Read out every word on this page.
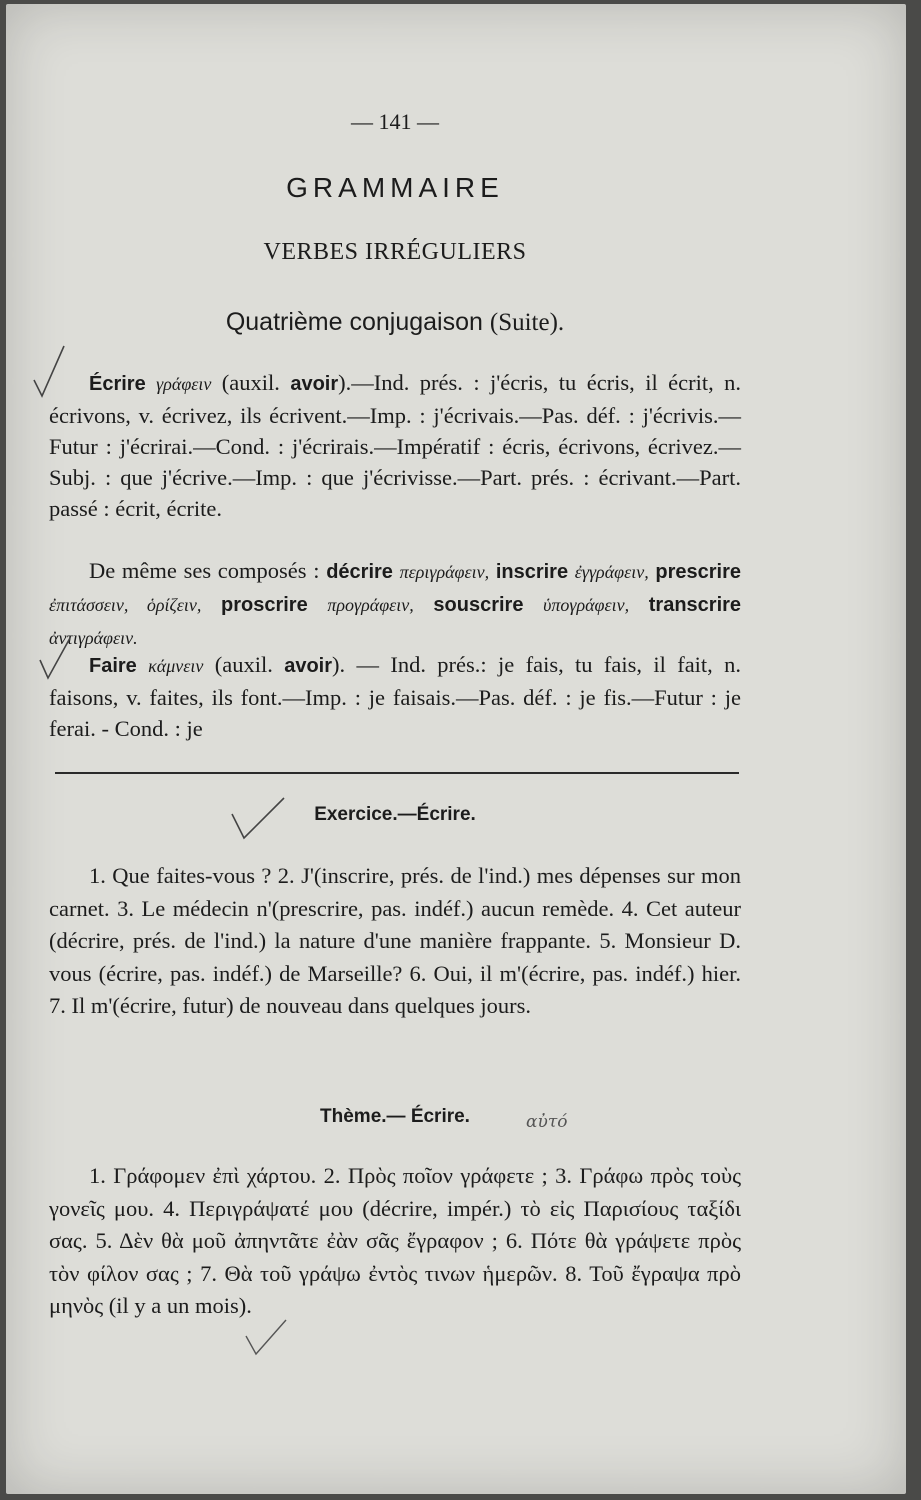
— 141 —
GRAMMAIRE
VERBES IRRÉGULIERS
Quatrième conjugaison (Suite).

Écrire γράφειν (auxil. avoir).—Ind. prés. : j'écris, tu écris, il écrit, n. écrivons, v. écrivez, ils écrivent.—Imp. : j'écrivais.—Pas. déf. : j'écrivis.—Futur : j'écrirai.—Cond. : j'écrirais.—Impératif : écris, écrivons, écrivez.—Subj. : que j'écrive.—Imp. : que j'écrivisse.—Part. prés. : écrivant.—Part. passé : écrit, écrite.

De même ses composés : décrire περιγράφειν, inscrire ἐγγράφειν, prescrire ἐπιτάσσειν, ὁρίζειν, proscrire προγράφειν, souscrire ὑπογράφειν, transcrire ἀντιγράφειν.

Faire κάμνειν (auxil. avoir). — Ind. prés.: je fais, tu fais, il fait, n. faisons, v. faites, ils font.—Imp. : je faisais.—Pas. déf. : je fis.—Futur : je ferai. - Cond. : je

Exercice.—Écrire.

1. Que faites-vous ? 2. J'(inscrire, prés. de l'ind.) mes dépenses sur mon carnet. 3. Le médecin n'(prescrire, pas. indéf.) aucun remède. 4. Cet auteur (décrire, prés. de l'ind.) la nature d'une manière frappante. 5. Monsieur D. vous (écrire, pas. indéf.) de Marseille? 6. Oui, il m'(écrire, pas. indéf.) hier. 7. Il m'(écrire, futur) de nouveau dans quelques jours.

Thème.— Écrire.

1. Γράφομεν ἐπὶ χάρτου. 2. Πρὸς ποῖον γράφετε ; 3. Γράφω πρὸς τοὺς γονεῖς μου. 4. Περιγράψατέ μου (décrire, impér.) τὸ εἰς Παρισίους ταξίδι σας. 5. Δὲν θὰ μοῦ ἀπηντᾶτε ἐὰν σᾶς ἔγραφον ; 6. Πότε θὰ γράψετε πρὸς τὸν φίλον σας ; 7. Θὰ τοῦ γράψω ἐντὸς τινων ἡμερῶν. 8. Τοῦ ἔγραψα πρὸ μηνὸς (il y a un mois).

αὐτό
